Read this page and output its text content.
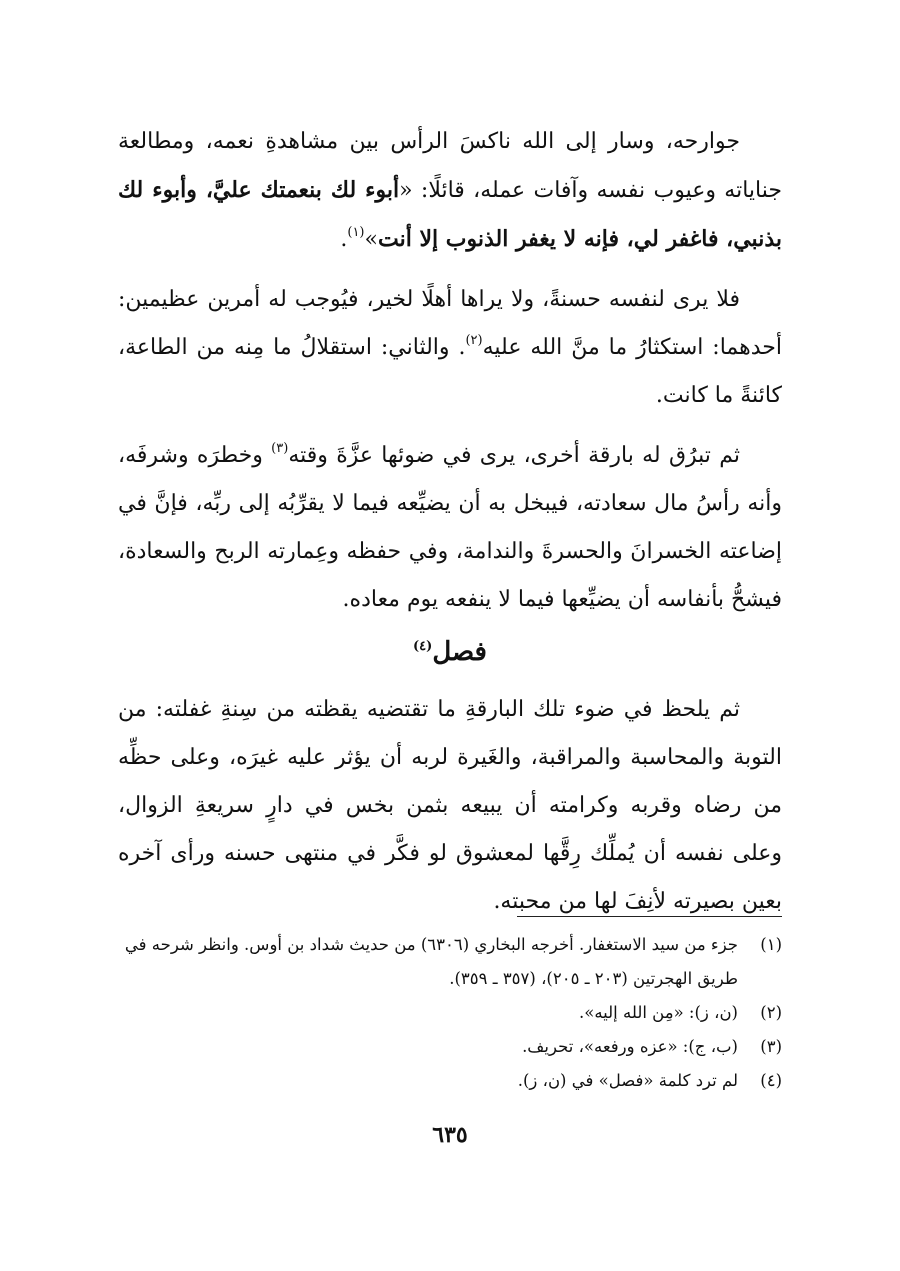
جوارحه، وسار إلى الله ناكسَ الرأس بين مشاهدةِ نعمه، ومطالعة جناياته وعيوب نفسه وآفات عمله، قائلًا: «أبوء لك بنعمتك عليَّ، وأبوء لك بذنبي، فاغفر لي، فإنه لا يغفر الذنوب إلا أنت»$^{(١)}$.

فلا يرى لنفسه حسنةً، ولا يراها أهلًا لخير، فيُوجب له أمرين عظيمين: أحدهما: استكثارُ ما منَّ الله عليه$^{(٢)}$. والثاني: استقلالُ ما مِنه من الطاعة، كائنةً ما كانت.

ثم تبرُق له بارقة أخرى، يرى في ضوئها عزَّةَ وقته$^{(٣)}$ وخطرَه وشرفَه، وأنه رأسُ مال سعادته، فيبخل به أن يضيِّعه فيما لا يقرِّبُه إلى ربِّه، فإنَّ في إضاعته الخسرانَ والحسرةَ والندامة، وفي حفظه وعِمارته الربح والسعادة، فيشحُّ بأنفاسه أن يضيِّعها فيما لا ينفعه يوم معاده.

فصل$^{(٤)}$

ثم يلحظ في ضوء تلك البارقةِ ما تقتضيه يقظته من سِنةِ غفلته: من التوبة والمحاسبة والمراقبة، والغَيرة لربه أن يؤثر عليه غيرَه، وعلى حظِّه من رضاه وقربه وكرامته أن يبيعه بثمن بخس في دارٍ سريعةِ الزوال، وعلى نفسه أن يُملِّك رِقَّها لمعشوق لو فكَّر في منتهى حسنه ورأى آخره بعين بصيرته لأنِفَ لها من محبته.

(١)
جزء من سيد الاستغفار. أخرجه البخاري (٦٣٠٦) من حديث شداد بن أوس. وانظر شرحه في طريق الهجرتين (٢٠٣ ـ ٢٠٥)، (٣٥٧ ـ ٣٥٩).
(٢)
(ن، ز): «مِن الله إليه».
(٣)
(ب، ج): «عزه ورفعه»، تحريف.
(٤)
لم ترد كلمة «فصل» في (ن، ز).
٦٣٥
